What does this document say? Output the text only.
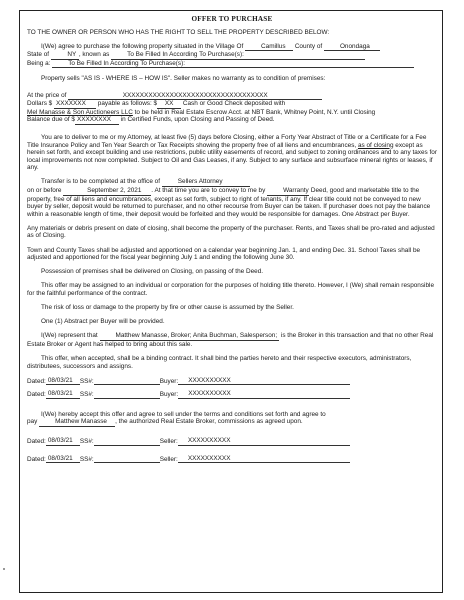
OFFER TO PURCHASE

TO THE OWNER OR PERSON WHO HAS THE RIGHT TO SELL THE PROPERTY DESCRIBED BELOW:

I(We) agree to purchase the following property situated in the Village Of	Camillus County of	Onondaga
State of	NY , known as	To Be Filled In According To Purchase(s):
Being a:	To Be Filled In According To Purchase(s):

Property sells "AS IS - WHERE IS – HOW IS". Seller makes no warranty as to condition of premises:

At the price of	XXXXXXXXXXXXXXXXXXXXXXXXXXXXXXXXXX
Dollars $ XXXXXXX payable as follows: $ XX Cash or Good Check deposited with
Mel Manasse & Son Auctioneers LLC to be held in Real Estate Escrow Acct. at NBT Bank, Whitney Point, N.Y. until Closing
Balance due of $ XXXXXXXX in Certified Funds, upon Closing and Passing of Deed.

You are to deliver to me or my Attorney, at least five (5) days before Closing, either a Forty Year Abstract of Title or a Certificate for a Fee Title Insurance Policy and Ten Year Search or Tax Receipts showing the property free of all liens and encumbrances, as of closing except as herein set forth, and except building and use restrictions, public utility easements of record, and subject to zoning ordinances and to any taxes for local improvements not now completed. Subject to Oil and Gas Leases, if any. Subject to any surface and subsurface mineral rights or leases, if any.

Transfer is to be completed at the office of	Sellers Attorney
on or before	September 2, 2021 . At that time you are to convey to me by	Warranty Deed, good and marketable title to the property, free of all liens and encumbrances, except as set forth, subject to right of tenants, if any. If clear title could not be conveyed to new buyer by seller, deposit would be returned to purchaser, and no other recourse from Buyer can be taken. If purchaser does not pay the balance within a reasonable length of time, their deposit would be forfeited and they would be responsible for damages. One Abstract per Buyer.

Any materials or debris present on date of closing, shall become the property of the purchaser. Rents, and Taxes shall be pro-rated and adjusted as of Closing.

Town and County Taxes shall be adjusted and apportioned on a calendar year beginning Jan. 1, and ending Dec. 31. School Taxes shall be adjusted and apportioned for the fiscal year beginning July 1 and ending the following June 30.

Possession of premises shall be delivered on Closing, on passing of the Deed.

This offer may be assigned to an individual or corporation for the purposes of holding title thereto. However, I (We) shall remain responsible for the faithful performance of the contract.

The risk of loss or damage to the property by fire or other cause is assumed by the Seller.

One (1) Abstract per Buyer will be provided.

I(We) represent that	Matthew Manasse, Broker; Anita Buchman, Salesperson; is the Broker in this transaction and that no other Real Estate Broker or Agent has helped to bring about this sale.

This offer, when accepted, shall be a binding contract. It shall bind the parties hereto and their respective executors, administrators, distributees, successors and assigns.

Dated: 08/03/21	SS#:	Buyer:	XXXXXXXXXX
Dated: 08/03/21	SS#:	Buyer:	XXXXXXXXXX

I(We) hereby accept this offer and agree to sell under the terms and conditions set forth and agree to
pay	Matthew Manasse , the authorized Real Estate Broker, commissions as agreed upon.

Dated: 08/03/21	SS#:	Seller:	XXXXXXXXXX
Dated: 08/03/21	SS#:	Seller:	XXXXXXXXXX
